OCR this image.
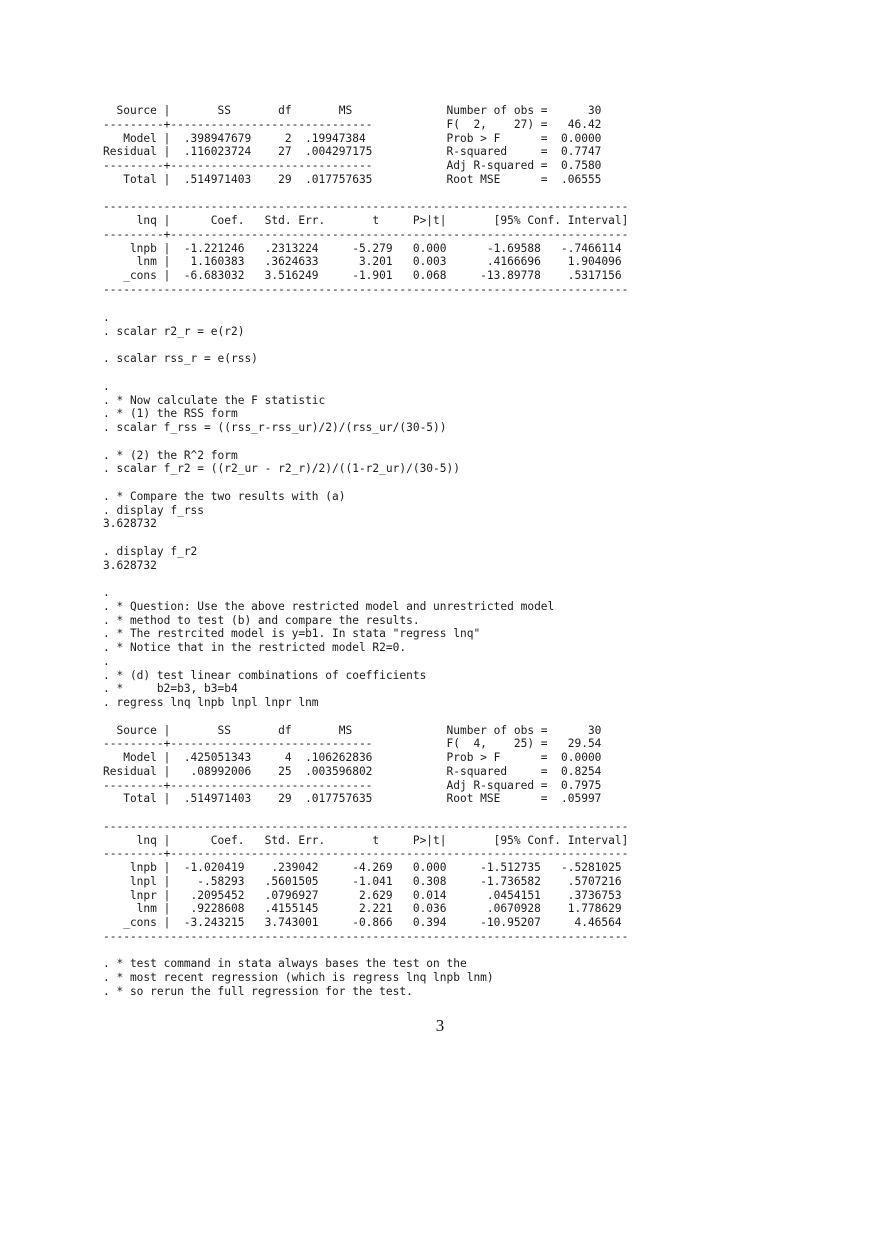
Source |       SS       df       MS              Number of obs =      30
---------+------------------------------           F(  2,    27) =   46.42
Model |  .398947679     2  .19947384            Prob > F      =  0.0000
Residual |  .116023724    27  .004297175           R-squared     =  0.7747
---------+------------------------------           Adj R-squared =  0.7580
Total |  .514971403    29  .017757635           Root MSE      =  .06555
------------------------------------------------------------------------------
lnq |      Coef.   Std. Err.       t     P>|t|       [95% Conf. Interval]
---------+--------------------------------------------------------------------
lnpb |  -1.221246   .2313224     -5.279   0.000      -1.69588   -.7466114
lnm |   1.160383   .3624633      3.201   0.003      .4166696    1.904096
_cons |  -6.683032   3.516249     -1.901   0.068     -13.89778    .5317156
------------------------------------------------------------------------------
.
. scalar r2_r = e(r2)
. scalar rss_r = e(rss)
.
. * Now calculate the F statistic
. * (1) the RSS form
. scalar f_rss = ((rss_r-rss_ur)/2)/(rss_ur/(30-5))
. * (2) the R^2 form
. scalar f_r2 = ((r2_ur - r2_r)/2)/((1-r2_ur)/(30-5))
. * Compare the two results with (a)
. display f_rss
3.628732
. display f_r2
3.628732
.
. * Question: Use the above restricted model and unrestricted model
. * method to test (b) and compare the results.
. * The restrcited model is y=b1. In stata "regress lnq"
. * Notice that in the restricted model R2=0.
.
. * (d) test linear combinations of coefficients
. *     b2=b3, b3=b4
. regress lnq lnpb lnpl lnpr lnm
Source |       SS       df       MS              Number of obs =      30
---------+------------------------------           F(  4,    25) =   29.54
Model |  .425051343     4  .106262836           Prob > F      =  0.0000
Residual |   .08992006    25  .003596802           R-squared     =  0.8254
---------+------------------------------           Adj R-squared =  0.7975
Total |  .514971403    29  .017757635           Root MSE      =  .05997
------------------------------------------------------------------------------
lnq |      Coef.   Std. Err.       t     P>|t|       [95% Conf. Interval]
---------+--------------------------------------------------------------------
lnpb |  -1.020419    .239042     -4.269   0.000     -1.512735   -.5281025
lnpl |    -.58293   .5601505     -1.041   0.308     -1.736582    .5707216
lnpr |   .2095452   .0796927      2.629   0.014      .0454151    .3736753
lnm |   .9228608   .4155145      2.221   0.036      .0670928    1.778629
_cons |  -3.243215   3.743001     -0.866   0.394     -10.95207     4.46564
------------------------------------------------------------------------------
. * test command in stata always bases the test on the
. * most recent regression (which is regress lnq lnpb lnm)
. * so rerun the full regression for the test.
3
